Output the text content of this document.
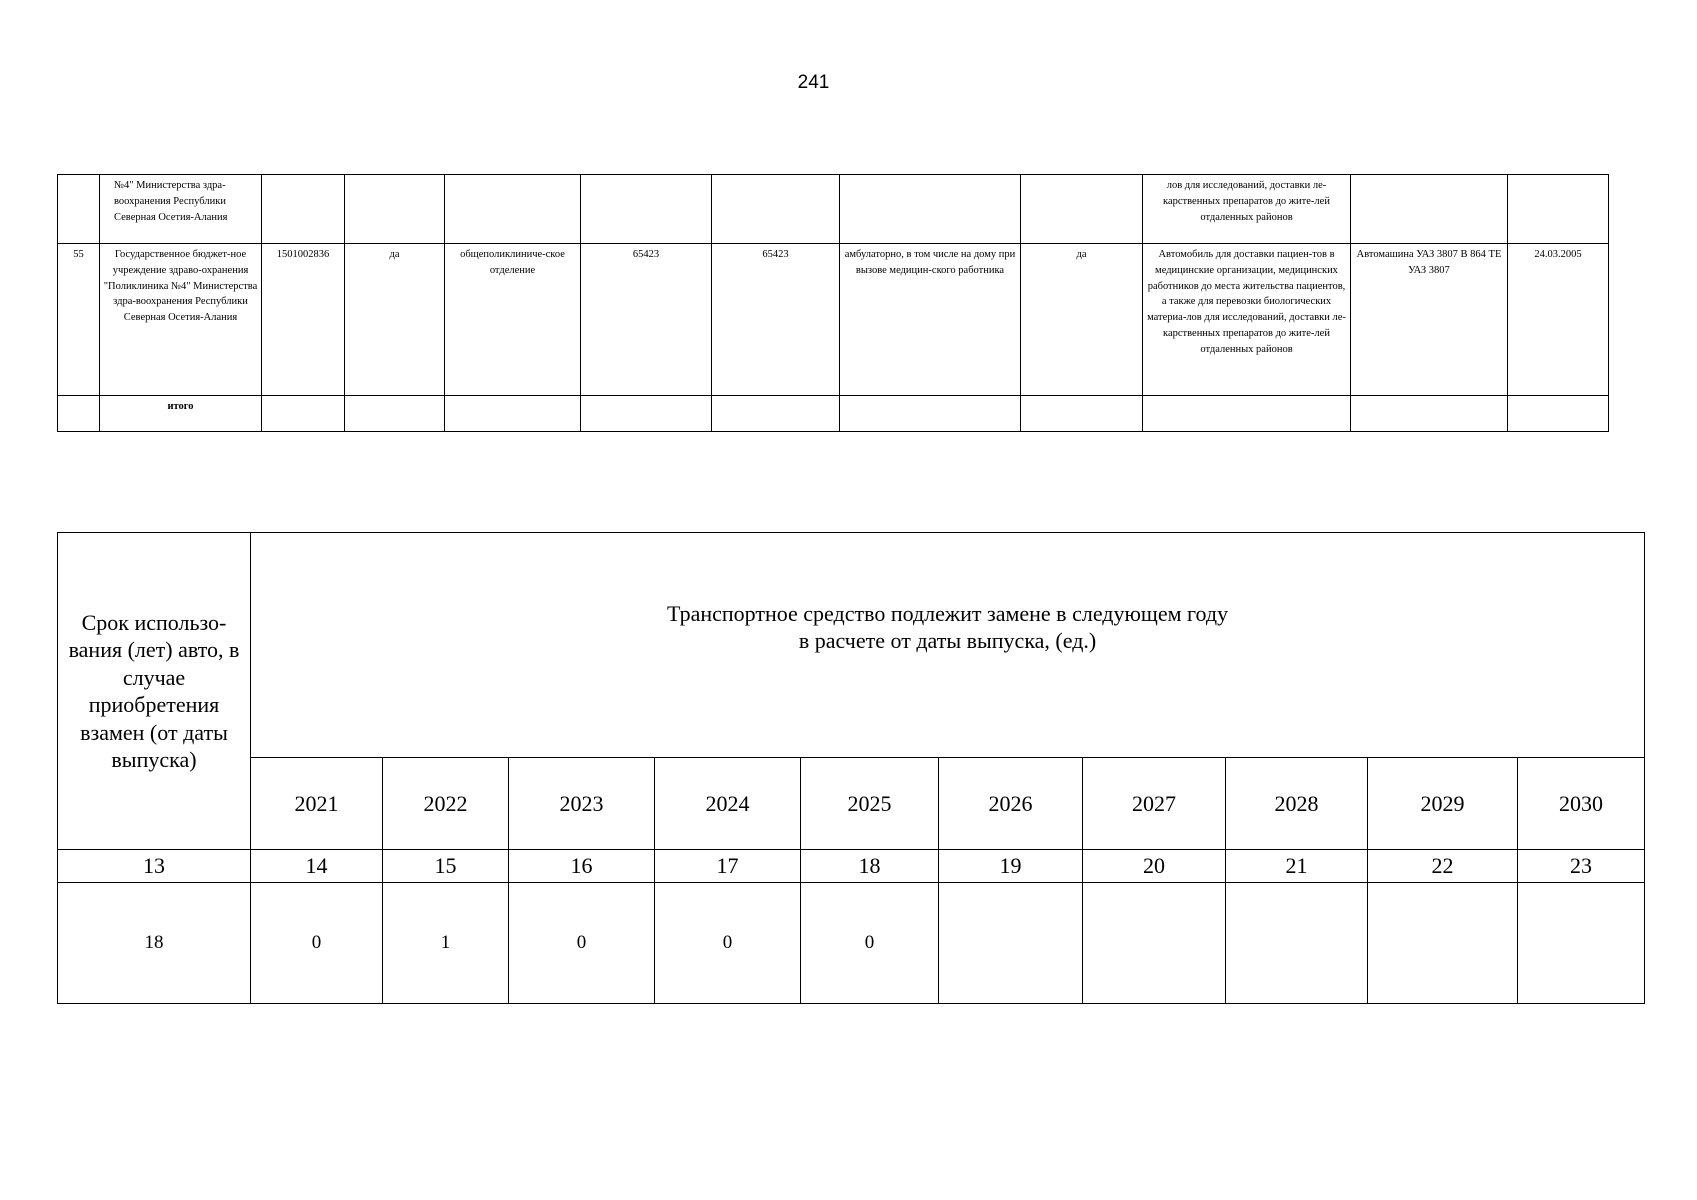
241
	№4" Министерства здра-воохранения Республики Северная Осетия-Алания								лов для исследований, доставки ле-карственных препаратов до жите-лей отдаленных районов		
55	Государственное бюджет-ное учреждение здраво-охранения "Поликлиника №4" Министерства здра-воохранения Республики Северная Осетия-Алания	1501002836	да	общеполиклиниче-ское отделение	65423	65423	амбулаторно, в том числе на дому при вызове медицин-ского работника	да	Автомобиль для доставки пациен-тов в медицинские организации, медицинских работников до места жительства пациентов, а также для перевозки биологических материа-лов для исследований, доставки ле-карственных препаратов до жите-лей отдаленных районов	Автомашина УАЗ 3807 В 864 ТЕ УАЗ 3807	24.03.2005
	итого										
Срок использо-вания (лет) авто, в случае приобретения взамен (от даты выпуска)	Транспортное средство подлежит замене в следующем году
в расчете от даты выпуска, (ед.)									

	2021	2022	2023	2024	2025	2026	2027	2028	2029	2030
13	14	15	16	17	18	19	20	21	22	23
18	0	1	0	0	0					
